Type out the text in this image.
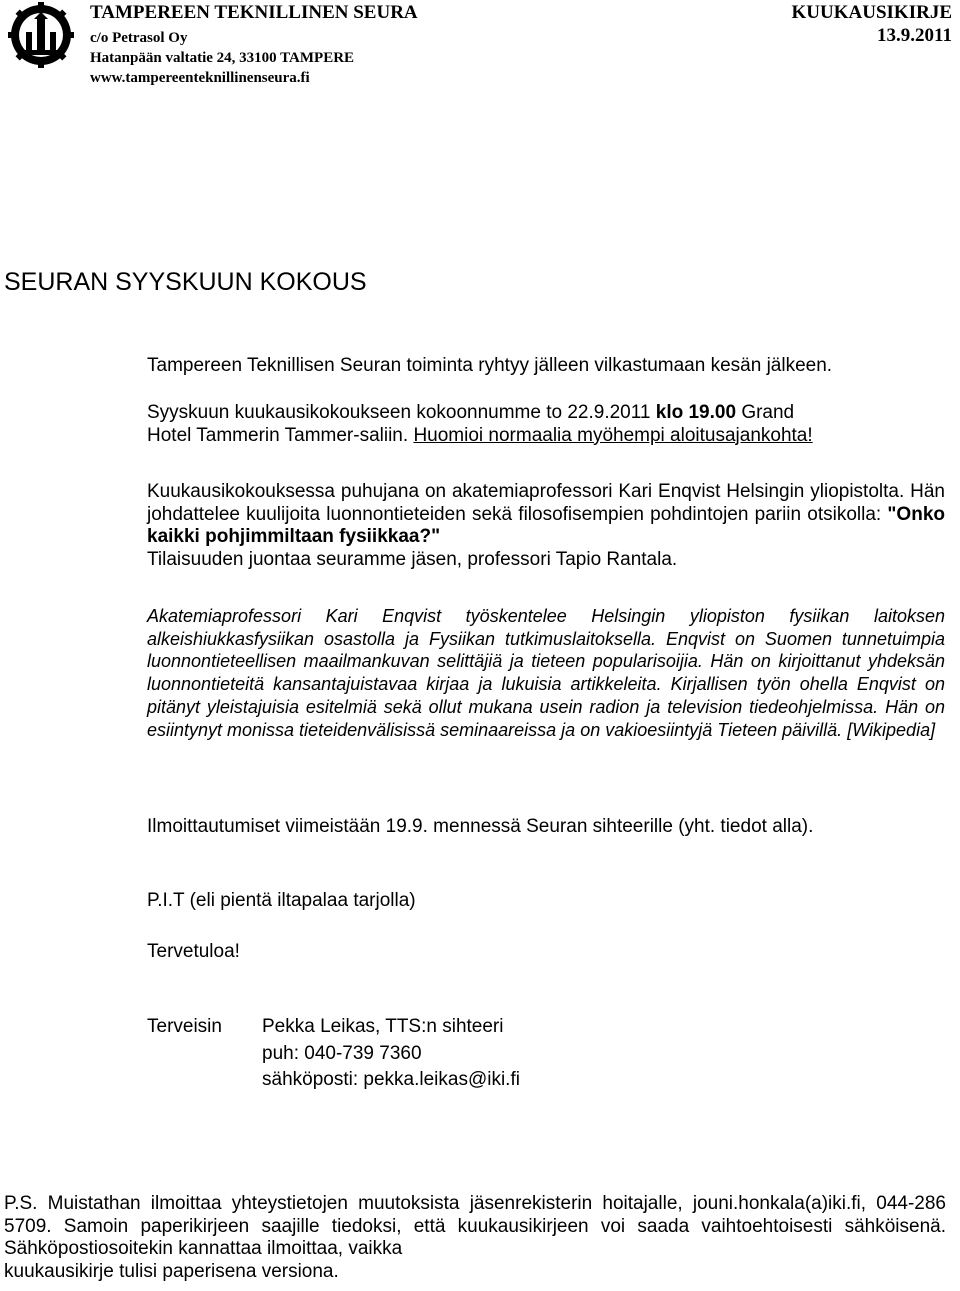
TAMPEREEN TEKNILLINEN SEURA
c/o Petrasol Oy
Hatanpään valtatie 24, 33100 TAMPERE
www.tampereenteknillinenseura.fi
KUUKAUSIKIRJE
13.9.2011
SEURAN SYYSKUUN KOKOUS
Tampereen Teknillisen Seuran toiminta ryhtyy jälleen vilkastumaan kesän jälkeen.
Syyskuun kuukausikokoukseen kokoonnumme to 22.9.2011 klo 19.00 Grand
Hotel Tammerin Tammer-saliin. Huomioi normaalia myöhempi aloitusajankohta!
Kuukausikokouksessa puhujana on akatemiaprofessori Kari Enqvist Helsingin yliopistolta. Hän johdattelee kuulijoita luonnontieteiden sekä filosofisempien pohdintojen pariin otsikolla: "Onko kaikki pohjimmiltaan fysiikkaa?"
Tilaisuuden juontaa seuramme jäsen, professori Tapio Rantala.
Akatemiaprofessori Kari Enqvist työskentelee Helsingin yliopiston fysiikan laitoksen alkeishiukkasfysiikan osastolla ja Fysiikan tutkimuslaitoksella. Enqvist on Suomen tunnetuimpia luonnontieteellisen maailmankuvan selittäjiä ja tieteen popularisoijia. Hän on kirjoittanut yhdeksän luonnontieteitä kansantajuistavaa kirjaa ja lukuisia artikkeleita. Kirjallisen työn ohella Enqvist on pitänyt yleistajuisia esitelmiä sekä ollut mukana usein radion ja television tiedeohjelmissa. Hän on esiintynyt monissa tieteidenvälisissä seminaareissa ja on vakioesiintyjä Tieteen päivillä. [Wikipedia]
Ilmoittautumiset viimeistään 19.9. mennessä Seuran sihteerille (yht. tiedot alla).
P.I.T (eli pientä iltapalaa tarjolla)
Tervetuloa!
Terveisin Pekka Leikas, TTS:n sihteeri
puh: 040-739 7360
sähköposti: pekka.leikas@iki.fi
P.S. Muistathan ilmoittaa yhteystietojen muutoksista jäsenrekisterin hoitajalle, jouni.honkala(a)iki.fi, 044-286 5709. Samoin paperikirjeen saajille tiedoksi, että kuukausikirjeen voi saada vaihtoehtoisesti sähköisenä. Sähköpostiosoitekin kannattaa ilmoittaa, vaikka
kuukausikirje tulisi paperisena versiona.
